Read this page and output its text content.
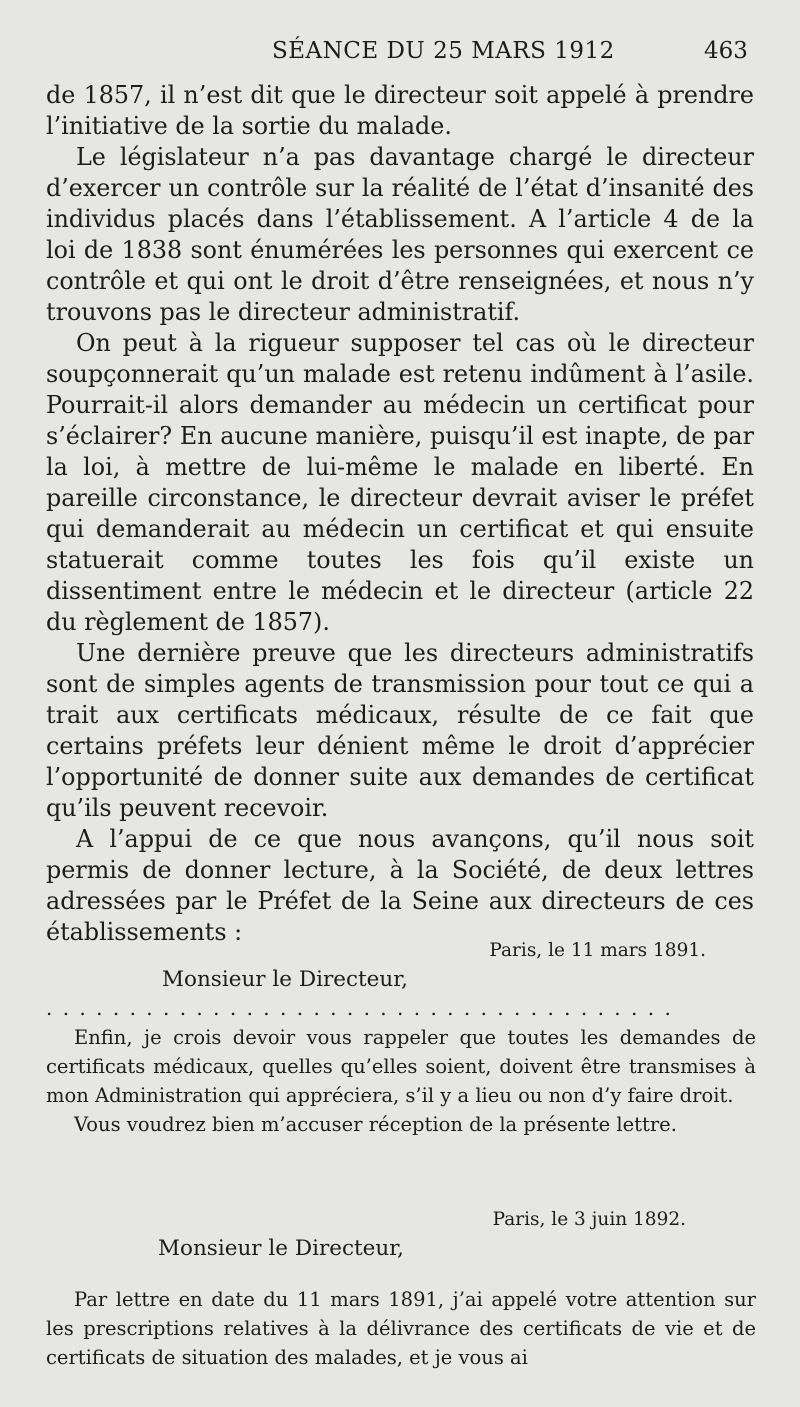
SÉANCE DU 25 MARS 1912	463

de 1857, il n’est dit que le directeur soit appelé à prendre l’initiative de la sortie du malade.

Le législateur n’a pas davantage chargé le directeur d’exercer un contrôle sur la réalité de l’état d’insanité des individus placés dans l’établissement. A l’article 4 de la loi de 1838 sont énumérées les personnes qui exercent ce contrôle et qui ont le droit d’être renseignées, et nous n’y trouvons pas le directeur administratif.

On peut à la rigueur supposer tel cas où le directeur soupçonnerait qu’un malade est retenu indûment à l’asile. Pourrait-il alors demander au médecin un certificat pour s’éclairer? En aucune manière, puisqu’il est inapte, de par la loi, à mettre de lui-même le malade en liberté. En pareille circonstance, le directeur devrait aviser le préfet qui demanderait au médecin un certificat et qui ensuite statuerait comme toutes les fois qu’il existe un dissentiment entre le médecin et le directeur (article 22 du règlement de 1857).

Une dernière preuve que les directeurs administratifs sont de simples agents de transmission pour tout ce qui a trait aux certificats médicaux, résulte de ce fait que certains préfets leur dénient même le droit d’apprécier l’opportunité de donner suite aux demandes de certificat qu’ils peuvent recevoir.

A l’appui de ce que nous avançons, qu’il nous soit permis de donner lecture, à la Société, de deux lettres adressées par le Préfet de la Seine aux directeurs de ces établissements :

Paris, le 11 mars 1891.
Monsieur le Directeur,
. . . . . . . . . . . . . . . . . . . . . . . . . . . . . . . . . . . . . .

Enfin, je crois devoir vous rappeler que toutes les demandes de certificats médicaux, quelles qu’elles soient, doivent être transmises à mon Administration qui appréciera, s’il y a lieu ou non d’y faire droit.

Vous voudrez bien m’accuser réception de la présente lettre.

Paris, le 3 juin 1892.
Monsieur le Directeur,

Par lettre en date du 11 mars 1891, j’ai appelé votre attention sur les prescriptions relatives à la délivrance des certificats de vie et de certificats de situation des malades, et je vous ai
